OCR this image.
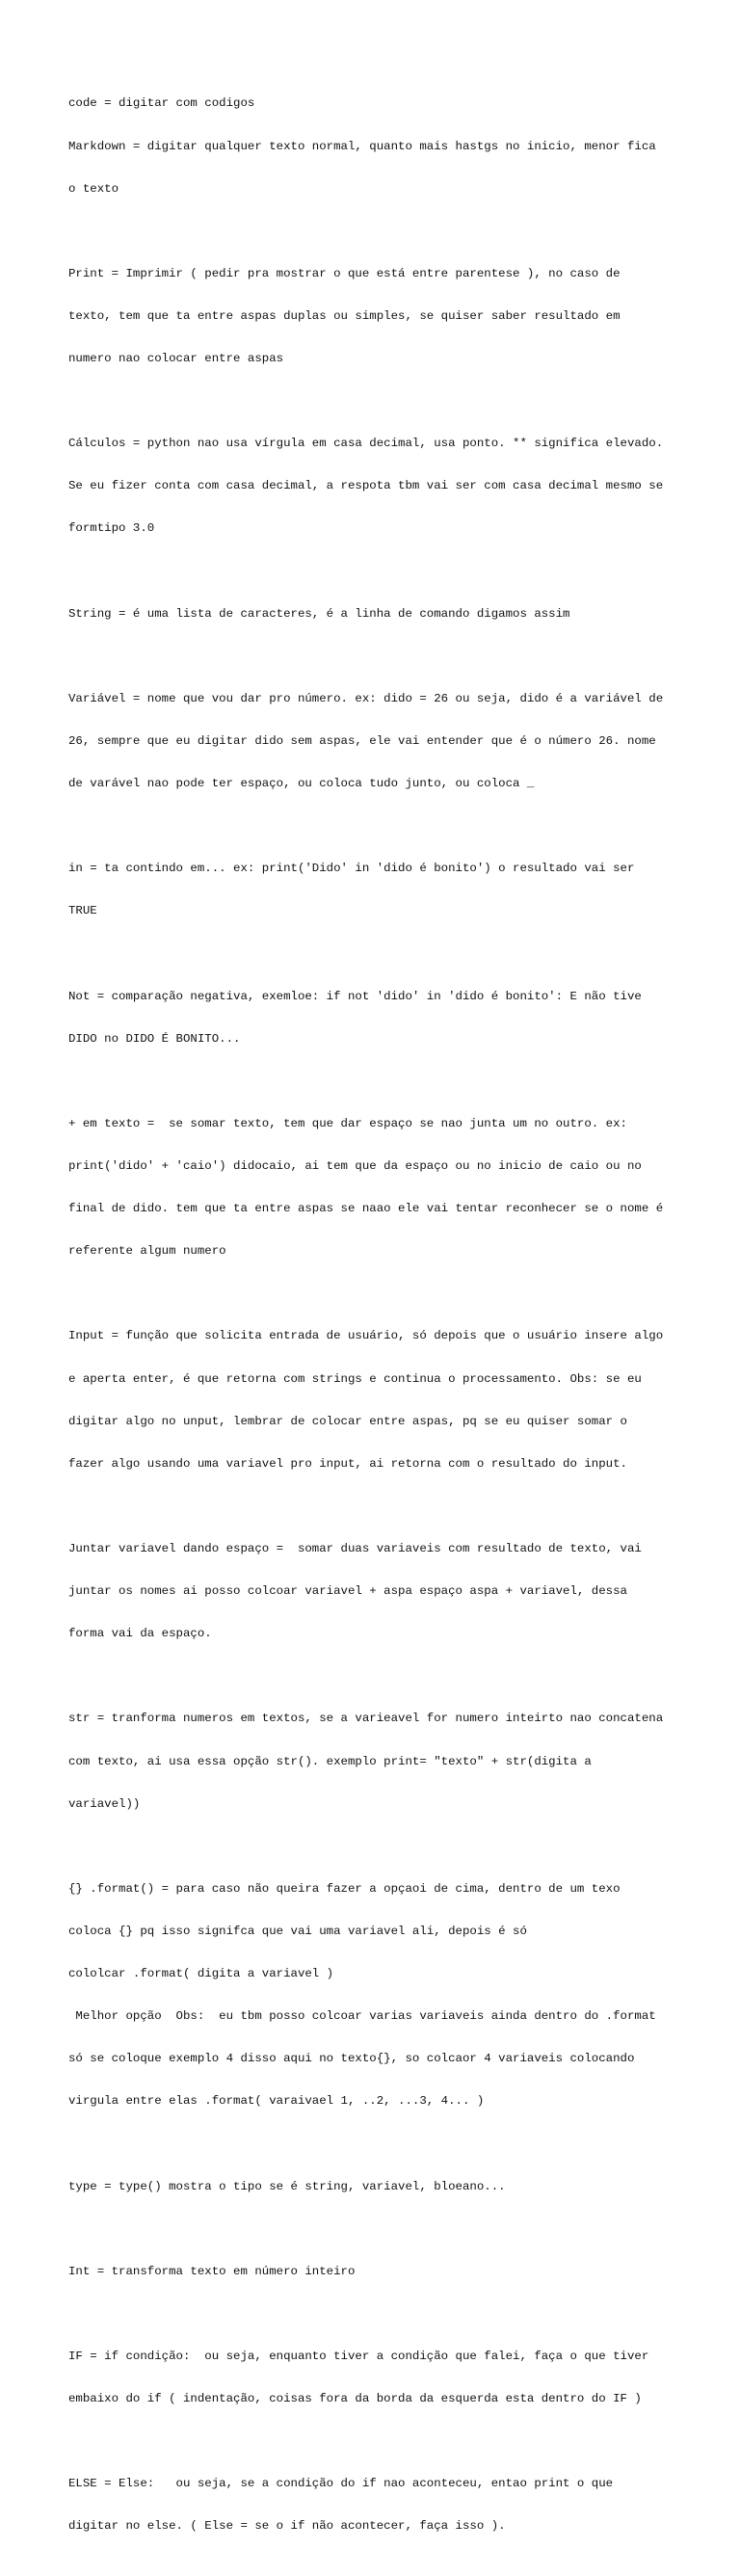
code = digitar com codigos

Markdown = digitar qualquer texto normal, quanto mais hastgs no inicio, menor fica

o texto

Print = Imprimir ( pedir pra mostrar o que está entre parentese ), no caso de

texto, tem que ta entre aspas duplas ou simples, se quiser saber resultado em

numero nao colocar entre aspas

Cálculos = python nao usa vírgula em casa decimal, usa ponto. ** significa elevado.

Se eu fizer conta com casa decimal, a respota tbm vai ser com casa decimal mesmo se

formtipo 3.0

String = é uma lista de caracteres, é a linha de comando digamos assim

Variável = nome que vou dar pro número. ex: dido = 26 ou seja, dido é a variável de

26, sempre que eu digitar dido sem aspas, ele vai entender que é o número 26. nome

de varável nao pode ter espaço, ou coloca tudo junto, ou coloca _

in = ta contindo em... ex: print('Dido' in 'dido é bonito') o resultado vai ser

TRUE

Not = comparação negativa, exemloe: if not 'dido' in 'dido é bonito': E não tive

DIDO no DIDO É BONITO...

+ em texto =  se somar texto, tem que dar espaço se nao junta um no outro. ex:

print('dido' + 'caio') didocaio, ai tem que da espaço ou no inicio de caio ou no

final de dido. tem que ta entre aspas se naao ele vai tentar reconhecer se o nome é

referente algum numero

Input = função que solicita entrada de usuário, só depois que o usuário insere algo

e aperta enter, é que retorna com strings e continua o processamento. Obs: se eu

digitar algo no unput, lembrar de colocar entre aspas, pq se eu quiser somar o

fazer algo usando uma variavel pro input, ai retorna com o resultado do input.

Juntar variavel dando espaço =  somar duas variaveis com resultado de texto, vai

juntar os nomes ai posso colcoar variavel + aspa espaço aspa + variavel, dessa

forma vai da espaço.

str = tranforma numeros em textos, se a varieavel for numero inteirto nao concatena

com texto, ai usa essa opção str(). exemplo print= "texto" + str(digita a

variavel))

{} .format() = para caso não queira fazer a opçaoi de cima, dentro de um texo

coloca {} pq isso signifca que vai uma variavel ali, depois é só

cololcar .format( digita a variavel )

Melhor opção  Obs:  eu tbm posso colcoar varias variaveis ainda dentro do .format

só se coloque exemplo 4 disso aqui no texto{}, so colcaor 4 variaveis colocando

virgula entre elas .format( varaivael 1, ..2, ...3, 4... )

type = type() mostra o tipo se é string, variavel, bloeano...

Int = transforma texto em número inteiro

IF = if condição:  ou seja, enquanto tiver a condição que falei, faça o que tiver

embaixo do if ( indentação, coisas fora da borda da esquerda esta dentro do IF )

ELSE = Else:   ou seja, se a condição do if nao aconteceu, entao print o que

digitar no else. ( Else = se o if não acontecer, faça isso ).
